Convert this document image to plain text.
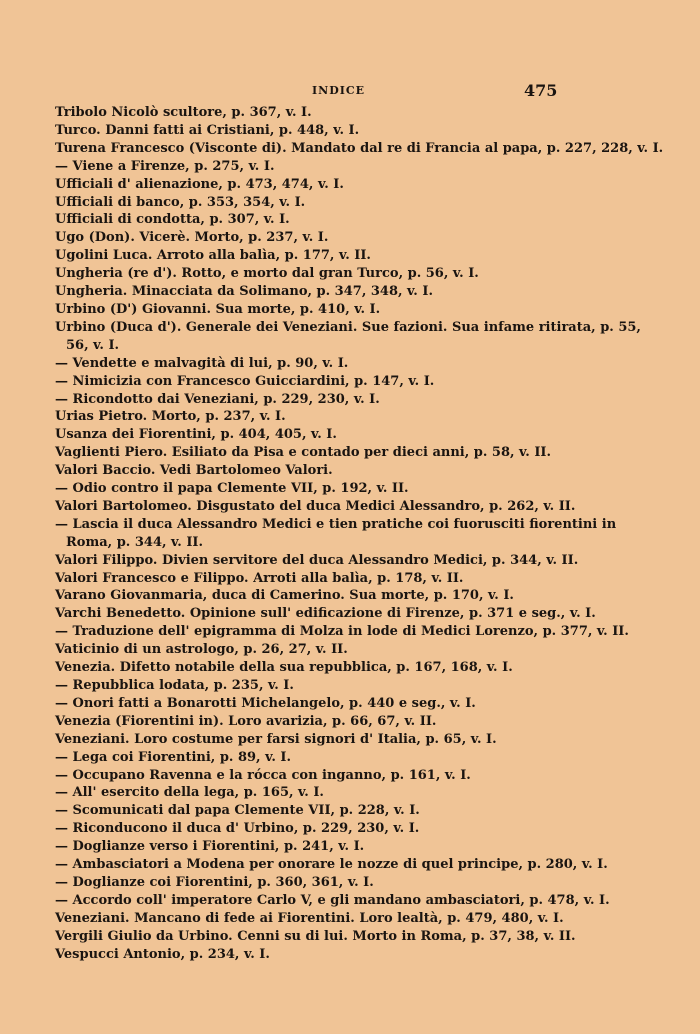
INDICE	475
Tribolo Nicolò scultore, p. 367, v. I.
Turco. Danni fatti ai Cristiani, p. 448, v. I.
Turena Francesco (Visconte di). Mandato dal re di Francia al papa, p. 227, 228, v. I.
— Viene a Firenze, p. 275, v. I.
Ufficiali d' alienazione, p. 473, 474, v. I.
Ufficiali di banco, p. 353, 354, v. I.
Ufficiali di condotta, p. 307, v. I.
Ugo (Don). Vicerè. Morto, p. 237, v. I.
Ugolini Luca. Arroto alla balìa, p. 177, v. II.
Ungheria (re d'). Rotto, e morto dal gran Turco, p. 56, v. I.
Ungheria. Minacciata da Solimano, p. 347, 348, v. I.
Urbino (D') Giovanni. Sua morte, p. 410, v. I.
Urbino (Duca d'). Generale dei Veneziani. Sue fazioni. Sua infame ritirata, p. 55,
56, v. I.
— Vendette e malvagità di lui, p. 90, v. I.
— Nimicizia con Francesco Guicciardini, p. 147, v. I.
— Ricondotto dai Veneziani, p. 229, 230, v. I.
Urias Pietro. Morto, p. 237, v. I.
Usanza dei Fiorentini, p. 404, 405, v. I.
Vaglienti Piero. Esiliato da Pisa e contado per dieci anni, p. 58, v. II.
Valori Baccio. Vedi Bartolomeo Valori.
— Odio contro il papa Clemente VII, p. 192, v. II.
Valori Bartolomeo. Disgustato del duca Medici Alessandro, p. 262, v. II.
— Lascia il duca Alessandro Medici e tien pratiche coi fuorusciti fiorentini in
Roma, p. 344, v. II.
Valori Filippo. Divien servitore del duca Alessandro Medici, p. 344, v. II.
Valori Francesco e Filippo. Arroti alla balìa, p. 178, v. II.
Varano Giovanmaria, duca di Camerino. Sua morte, p. 170, v. I.
Varchi Benedetto. Opinione sull' edificazione di Firenze, p. 371 e seg., v. I.
— Traduzione dell' epigramma di Molza in lode di Medici Lorenzo, p. 377, v. II.
Vaticinio di un astrologo, p. 26, 27, v. II.
Venezia. Difetto notabile della sua repubblica, p. 167, 168, v. I.
— Repubblica lodata, p. 235, v. I.
— Onori fatti a Bonarotti Michelangelo, p. 440 e seg., v. I.
Venezia (Fiorentini in). Loro avarizia, p. 66, 67, v. II.
Veneziani. Loro costume per farsi signori d' Italia, p. 65, v. I.
— Lega coi Fiorentini, p. 89, v. I.
— Occupano Ravenna e la rócca con inganno, p. 161, v. I.
— All' esercito della lega, p. 165, v. I.
— Scomunicati dal papa Clemente VII, p. 228, v. I.
— Riconducono il duca d' Urbino, p. 229, 230, v. I.
— Doglianze verso i Fiorentini, p. 241, v. I.
— Ambasciatori a Modena per onorare le nozze di quel principe, p. 280, v. I.
— Doglianze coi Fiorentini, p. 360, 361, v. I.
— Accordo coll' imperatore Carlo V, e gli mandano ambasciatori, p. 478, v. I.
Veneziani. Mancano di fede ai Fiorentini. Loro lealtà, p. 479, 480, v. I.
Vergili Giulio da Urbino. Cenni su di lui. Morto in Roma, p. 37, 38, v. II.
Vespucci Antonio, p. 234, v. I.
